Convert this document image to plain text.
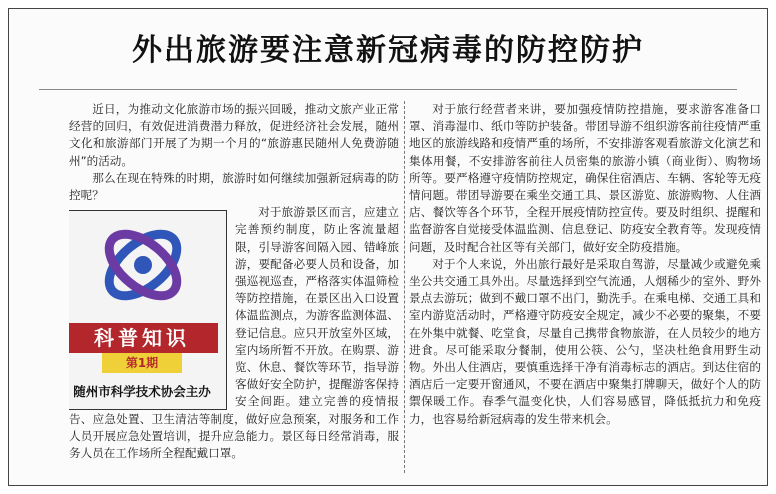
外出旅游要注意新冠病毒的防控防护

近日，为推动文化旅游市场的振兴回暖，推动文旅产业正常经营的回归，有效促进消费潜力释放，促进经济社会发展，随州文化和旅游部门开展了为期一个月的“旅游惠民随州人免费游随州”的活动。

那么在现在特殊的时期，旅游时如何继续加强新冠病毒的防控呢？

科普知识
第1期
随州市科学技术协会主办

对于旅游景区而言，应建立完善预约制度，防止客流量超限，引导游客间隔入园、错峰旅游，要配备必要人员和设备，加强巡视巡查，严格落实体温筛检等防控措施，在景区出入口设置体温监测点，为游客监测体温、登记信息。应只开放室外区域，室内场所暂不开放。在购票、游览、休息、餐饮等环节，指导游客做好安全防护，提醒游客保持安全间距。建立完善的疫情报告、应急处置、卫生清洁等制度，做好应急预案，对服务和工作人员开展应急处置培训，提升应急能力。景区每日经常消毒，服务人员在工作场所全程配戴口罩。

对于旅行经营者来讲，要加强疫情防控措施，要求游客准备口罩、消毒湿巾、纸巾等防护装备。带团导游不组织游客前往疫情严重地区的旅游线路和疫情严重的场所，不安排游客观看旅游文化演艺和集体用餐，不安排游客前往人员密集的旅游小镇（商业街）、购物场所等。要严格遵守疫情防控规定，确保住宿酒店、车辆、客轮等无疫情问题。带团导游要在乘坐交通工具、景区游览、旅游购物、人住酒店、餐饮等各个环节，全程开展疫情防控宣传。要及时组织、提醒和监督游客自觉接受体温监测、信息登记、防疫安全教育等。发现疫情问题，及时配合社区等有关部门，做好安全防疫措施。

对于个人来说，外出旅行最好是采取自驾游，尽量减少或避免乘坐公共交通工具外出。尽量选择到空气流通，人烟稀少的室外、野外景点去游玩；做到不戴口罩不出门，勤洗手。在乘电梯、交通工具和室内游览活动时，严格遵守防疫安全规定，减少不必要的聚集，不要在外集中就餐、吃堂食，尽量自己携带食物旅游，在人员较少的地方进食。尽可能采取分餐制，使用公筷、公勺，坚决杜绝食用野生动物。外出人住酒店，要慎重选择干净有消毒标志的酒店。到达住宿的酒店后一定要开窗通风，不要在酒店中聚集打牌聊天，做好个人的防禦保暖工作。春季气温变化快，人们容易感冒，降低抵抗力和免疫力，也容易给新冠病毒的发生带来机会。
